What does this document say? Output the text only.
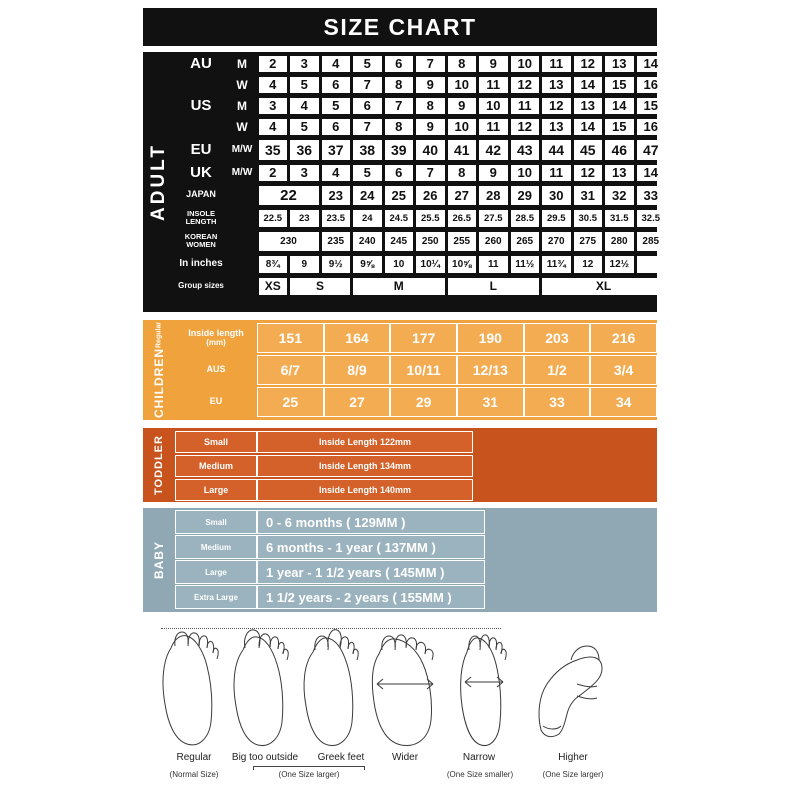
SIZE CHART
ADULT
AU	M	2	3	4	5	6	7	8	9	10	11	12	13	14
W	4	5	6	7	8	9	10	11	12	13	14	15	16
US	M	3	4	5	6	7	8	9	10	11	12	13	14	15
W	4	5	6	7	8	9	10	11	12	13	14	15	16
EU	M/W 35	36	37	38	39	40	41	42	43	44	45	46	47
UK	M/W	2	3	4	5	6	7	8	9	10	11	12	13	14
JAPAN	22	23	24	25	26	27	28	29	30	31	32	33
INSOLE
LENGTH	22.5	23	23.5	24	24.5	25.5	26.5	27.5	28.5	29.5	30.5	31.5	32.5
KOREAN
WOMEN	230	235	240	245	250	255	260	265	270	275	280	285
In inches	8¾	9	9½	9⅝	10	10¼	10⅝	11	11½	11¾	12	12½
Group sizes	XS	S	M	L	XL
CHILDREN
Regular	Inside length
(mm)	151	164	177	190	203	216
AUS	6/7	8/9	10/11	12/13	1/2	3/4
EU	25	27	29	31	33	34
TODDLER	Small	Inside Length 122mm
Medium	Inside Length 134mm
Large	Inside Length 140mm
BABY
Small	0 - 6 months ( 129MM )
Medium	6 months - 1 year ( 137MM )
Large	1 year - 1 1/2 years ( 145MM )
Extra Large	1 1/2 years - 2 years ( 155MM )
Regular	Big too outside	Greek feet	Wider	Narrow	Higher
(Normal Size)	(One Size larger)	(One Size smaller)	(One Size larger)
